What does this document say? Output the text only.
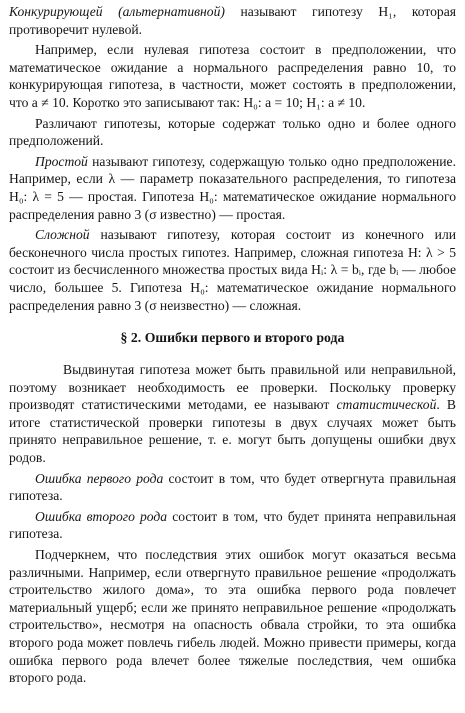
Конкурирующей (альтернативной) называют гипотезу H₁, которая противоречит нулевой.

Например, если нулевая гипотеза состоит в предположении, что математическое ожидание a нормального распределения равно 10, то конкурирующая гипотеза, в частности, может состоять в предположении, что a ≠ 10. Коротко это записывают так: H₀: a = 10; H₁: a ≠ 10.

Различают гипотезы, которые содержат только одно и более одного предположений.

Простой называют гипотезу, содержащую только одно предположение. Например, если λ — параметр показательного распределения, то гипотеза H₀: λ = 5 — простая. Гипотеза H₀: математическое ожидание нормального распределения равно 3 (σ известно) — простая.

Сложной называют гипотезу, которая состоит из конечного или бесконечного числа простых гипотез. Например, сложная гипотеза H: λ > 5 состоит из бесчисленного множества простых вида Hᵢ: λ = bᵢ, где bᵢ — любое число, большее 5. Гипотеза H₀: математическое ожидание нормального распределения равно 3 (σ неизвестно) — сложная.

§ 2. Ошибки первого и второго рода

Выдвинутая гипотеза может быть правильной или неправильной, поэтому возникает необходимость ее проверки. Поскольку проверку производят статистическими методами, ее называют статистической. В итоге статистической проверки гипотезы в двух случаях может быть принято неправильное решение, т. е. могут быть допущены ошибки двух родов.

Ошибка первого рода состоит в том, что будет отвергнута правильная гипотеза.

Ошибка второго рода состоит в том, что будет принята неправильная гипотеза.

Подчеркнем, что последствия этих ошибок могут оказаться весьма различными. Например, если отвергнуто правильное решение «продолжать строительство жилого дома», то эта ошибка первого рода повлечет материальный ущерб; если же принято неправильное решение «продолжать строительство», несмотря на опасность обвала стройки, то эта ошибка второго рода может повлечь гибель людей. Можно привести примеры, когда ошибка первого рода влечет более тяжелые последствия, чем ошибка второго рода.
